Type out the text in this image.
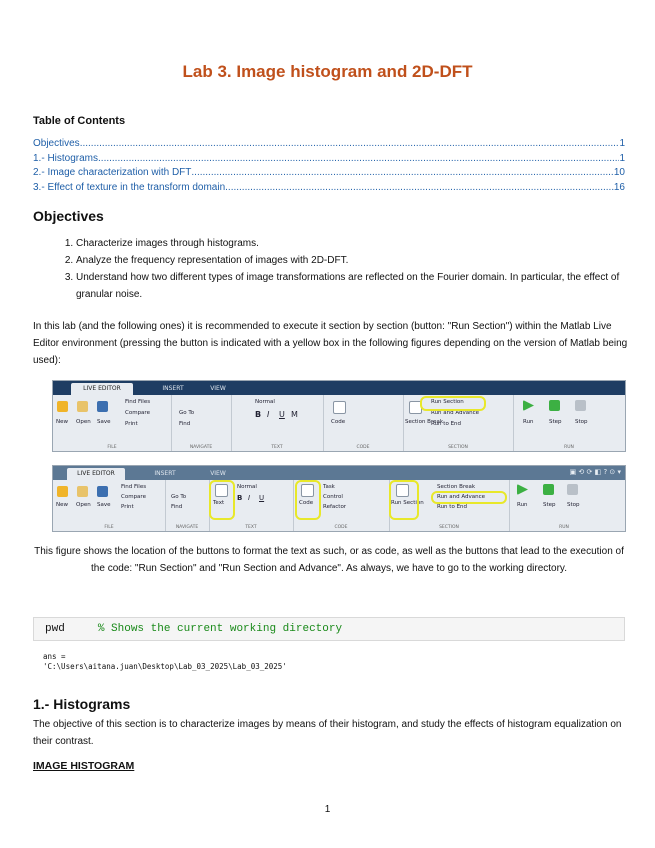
Lab 3. Image histogram and 2D-DFT
Table of Contents
Objectives .....	1
1.- Histograms .....	1
2.- Image characterization with DFT .....	10
3.- Effect of texture in the transform domain .....	16
Objectives
1. Characterize images through histograms.
2. Analyze the frequency representation of images with 2D-DFT.
3. Understand how two different types of image transformations are reflected on the Fourier domain. In particular, the effect of granular noise.
In this lab (and the following ones) it is recommended to execute it section by section (button: "Run Section") within the Matlab Live Editor environment (pressing the button is indicated with a yellow box in the following figures depending on the version of Matlab being used):
LIVE EDITOR	INSERT	VIEW
New Open Save
Find Files
Compare
Print
FILE
Go To
Find
NAVIGATE
Normal
B I U M
TEXT
Code
CODE
Section Break
Run Section
Run and Advance
Run to End
SECTION
Run	Step Stop
RUN
LIVE EDITOR	INSERT	VIEW	▣ ⟲ ⟳ ◧ ? ⊙ ▾
New Open Save
Find Files
Compare
Print
FILE
Go To
Find
NAVIGATE
Text
Normal
B I U
TEXT
Code
Task
Control
Refactor
CODE
Run Section
Section Break
Run and Advance
Run to End
SECTION
Run	Step Stop
RUN
This figure shows the location of the buttons to format the text as such, or as code, as well as the buttons that lead to the execution of the code: "Run Section" and "Run Section and Advance". As always, we have to go to the working directory.
pwd	% Shows the current working directory
ans =
'C:\Users\aitana.juan\Desktop\Lab_03_2025\Lab_03_2025'
1.- Histograms
The objective of this section is to characterize images by means of their histogram, and study the effects of histogram equalization on their contrast.
IMAGE HISTOGRAM
1
